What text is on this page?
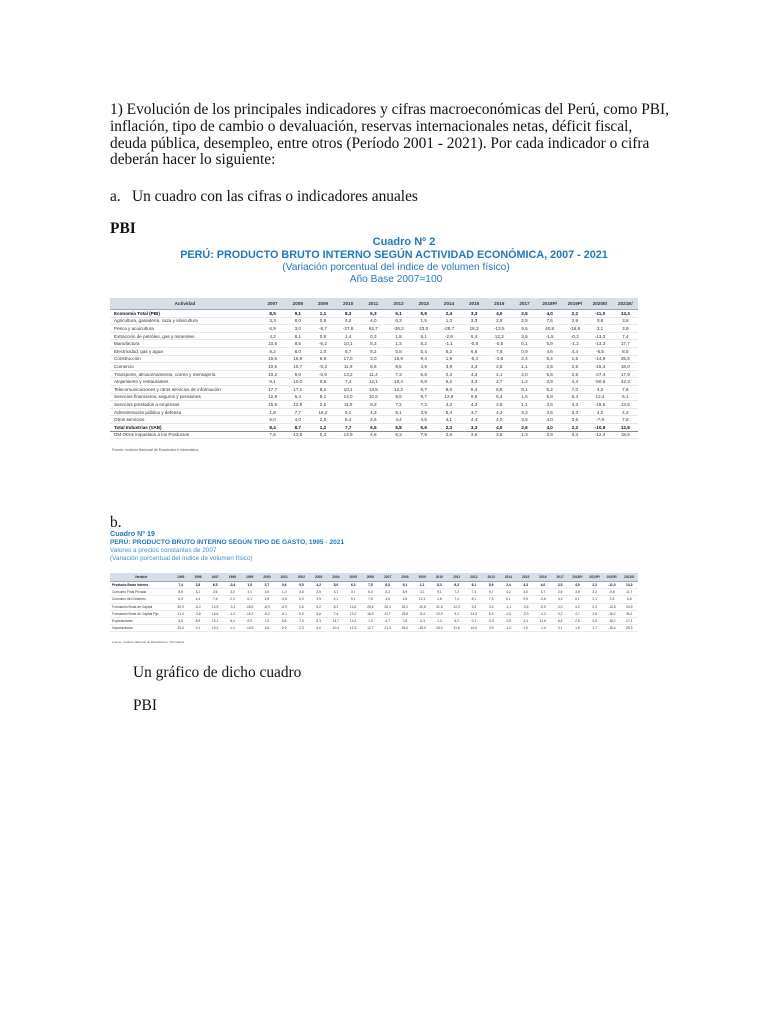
1) Evolución de los principales indicadores y cifras macroeconómicas del Perú, como PBI, inflación, tipo de cambio o devaluación, reservas internacionales netas, déficit fiscal, deuda pública, desempleo, entre otros (Período 2001 - 2021). Por cada indicador o cifra deberán hacer lo siguiente:

a. Un cuadro con las cifras o indicadores anuales

PBI

Cuadro Nº 2
PERÚ: PRODUCTO BRUTO INTERNO SEGÚN ACTIVIDAD ECONÓMICA, 2007 - 2021
(Variación porcentual del índice de volumen físico)
Año Base 2007=100
Actividad	2007	2008	2009	2010	2011	2012	2013	2014	2015	2016	2017	2018P/	2019P/	2020E/	2021E/
Economía Total (PBI)	8,5	9,1	1,1	8,3	6,3	6,1	5,9	2,4	3,3	4,0	2,5	4,0	2,2	-11,0	13,3
Agricultura, ganadería, caza y silvicultura	3,3	8,0	0,9	4,2	4,0	6,3	1,5	1,3	3,3	2,6	2,5	7,6	2,9	0,8	3,8
Pesca y acuicultura	6,9	3,0	-8,7	-27,8	62,7	-36,2	23,0	-28,7	18,3	-13,5	9,6	40,8	-18,8	3,1	3,8
Extracción de petróleo, gas y minerales	4,2	8,1	0,9	1,4	0,3	1,8	5,1	-2,9	8,4	12,3	3,6	-1,5	-0,2	-13,3	7,4
Manufactura	10,6	8,5	-6,2	10,1	8,3	1,3	5,2	-1,1	-0,8	-0,5	0,1	5,9	-1,2	-13,3	17,7
Electricidad, gas y agua	9,2	8,0	1,0	8,7	8,2	5,8	5,4	5,2	6,6	7,8	0,9	4,6	4,4	-6,5	8,5
Construcción	16,6	16,9	6,9	17,0	3,0	15,9	9,4	1,9	-5,4	-2,6	2,4	5,4	1,5	-14,9	35,5
Comercio	10,5	10,7	-0,3	11,9	8,6	8,5	4,9	3,9	3,3	2,8	1,1	2,5	2,5	-15,3	18,0
Transporte, almacenamiento, correo y mensajería	10,2	9,0	-0,9	13,2	11,4	7,3	6,6	2,3	4,3	4,1	4,0	5,5	2,5	-27,4	17,9
Alojamiento y restaurantes	9,1	10,0	0,6	7,4	12,1	10,4	6,8	5,2	3,3	2,7	1,2	3,9	4,4	-50,5	42,3
Telecomunicaciones y otros servicios de información	17,7	17,1	8,1	10,1	13,5	12,2	8,7	8,6	9,3	8,8	8,1	5,2	7,0	4,2	7,6
Servicios financieros, seguros y pensiones	12,8	6,4	8,1	14,0	10,6	9,6	9,7	12,9	9,8	5,4	1,5	5,8	5,4	12,4	6,1
Servicios prestados a empresas	15,6	12,9	2,5	11,6	9,3	7,2	7,3	4,3	4,3	2,6	1,1	3,6	4,3	-18,5	14,5
Administración pública y defensa	1,8	7,7	16,2	6,1	4,3	8,1	3,9	5,4	3,7	4,3	3,3	4,5	3,3	4,2	4,2
Otros servicios	5,0	4,0	2,8	5,4	4,6	4,4	4,5	4,1	4,4	4,0	3,5	4,0	3,6	-7,9	7,8
Total Industrias (VAB)	8,4	8,7	1,2	7,7	6,5	5,8	5,6	2,3	3,3	4,0	2,6	4,0	2,2	-10,9	12,8
DM-Otros impuestos a los Productos	7,5	13,5	0,3	14,9	4,8	8,3	7,9	2,8	3,5	3,5	1,3	3,9	3,4	-12,4	18,5
Fuente: Instituto Nacional de Estadística e Informática.

b.

Cuadro Nº 19
PERÚ: PRODUCTO BRUTO INTERNO SEGÚN TIPO DE GASTO, 1995 - 2021
Valores a precios constantes de 2007
(Variación porcentual del índice de volumen físico)
Variable	1995	1996	1997	1998	1999	2000	2001	2002	2003	2004	2005	2006	2007	2008	2009	2010	2011	2012	2013	2014	2015	2016	2017	2018P/	2019P/	2020E/	2021E/
Producto Bruto Interno	7,4	2,8	6,5	-0,4	1,5	2,7	0,6	5,5	4,2	5,0	6,3	7,5	8,5	9,1	1,1	8,3	6,3	6,1	5,9	2,4	3,3	4,0	2,5	4,0	2,2	-11,0	13,3
Consumo Final Privado	8,6	3,1	3,6	3,0	1,1	3,6	1,0	4,6	2,5	3,1	3,7	6,3	8,3	8,9	3,1	9,1	7,2	7,4	5,7	4,2	4,0	3,7	2,6	3,8	3,2	-9,8	11,7
Consumo del Gobierno	8,3	4,4	7,6	2,3	0,1	2,6	-0,8	0,0	3,9	4,1	9,1	7,6	4,5	4,8	12,1	2,8	7,4	8,1	7,5	6,1	9,5	-0,6	4,2	0,1	2,1	2,4	6,6
Formación Bruta de Capital	30,9	-6,2	14,9	-3,1	-18,5	-8,9	-6,9	0,6	5,2	8,2	14,6	28,6	26,3	33,2	-20,8	31,8	12,3	9,4	3,5	-1,1	-3,6	-5,9	0,0	4,2	0,4	-15,8	34,9
Formación Bruta de Capital Fijo	21,4	-3,8	15,6	-1,2	-15,1	-5,2	-6,1	0,5	5,6	7,4	13,2	18,9	22,7	25,8	-9,4	23,9	9,3	14,9	5,4	-2,0	-3,3	-4,3	0,2	4,7	2,5	-16,2	36,1
Exportaciones	5,5	8,9	13,1	5,4	8,9	7,6	6,8	7,0	6,3	14,7	14,2	1,0	6,7	7,8	-0,3	1,3	5,2	0,1	-0,9	-0,9	4,3	11,8	8,4	2,5	0,5	-18,2	17,1
Importaciones	25,3	0,1	13,2	1,4	-14,5	3,8	2,9	2,3	4,0	10,4	12,3	12,7	21,3	25,0	-15,9	26,0	11,6	10,0	3,9	-1,0	1,0	-1,4	3,1	1,5	1,7	-15,4	25,3
Fuente: Instituto Nacional de Estadística e Informática.

Un gráfico de dicho cuadro

PBI
